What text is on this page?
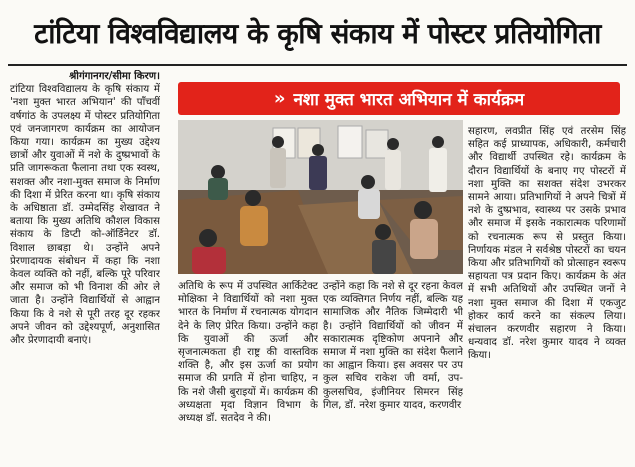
टांटिया विश्वविद्यालय के कृषि संकाय में पोस्टर प्रतियोगिता

श्रीगंगानगर/सीमा किरण।

टांटिया विश्वविद्यालय के कृषि संकाय में 'नशा मुक्त भारत अभियान' की पाँचवीं वर्षगांठ के उपलक्ष्य में पोस्टर प्रतियोगिता एवं जनजागरण कार्यक्रम का आयोजन किया गया। कार्यक्रम का मुख्य उद्देश्य छात्रों और युवाओं में नशे के दुष्प्रभावों के प्रति जागरूकता फैलाना तथा एक स्वस्थ, सशक्त और नशा-मुक्त समाज के निर्माण की दिशा में प्रेरित करना था। कृषि संकाय के अधिष्ठाता डॉ. उम्मेदसिंह शेखावत ने बताया कि मुख्य अतिथि कौशल विकास संकाय के डिप्टी को-ऑर्डिनेटर डॉ. विशाल छाबड़ा थे। उन्होंने अपने प्रेरणादायक संबोधन में कहा कि नशा केवल व्यक्ति को नहीं, बल्कि पूरे परिवार और समाज को भी विनाश की ओर ले जाता है। उन्होंने विद्यार्थियों से आह्वान किया कि वे नशे से पूरी तरह दूर रहकर अपने जीवन को उद्देश्यपूर्ण, अनुशासित और प्रेरणादायी बनाएं।

» नशा मुक्त भारत अभियान में कार्यक्रम

अतिथि के रूप में उपस्थित आर्किटेक्ट मोक्षिका ने विद्यार्थियों को नशा मुक्त भारत के निर्माण में रचनात्मक योगदान देने के लिए प्रेरित किया। उन्होंने कहा कि युवाओं की ऊर्जा और सृजनात्मकता ही राष्ट्र की वास्तविक शक्ति है, और इस ऊर्जा का प्रयोग समाज की प्रगति में होना चाहिए, न कि नशे जैसी बुराइयों में। कार्यक्रम की अध्यक्षता मृदा विज्ञान विभाग के अध्यक्ष डॉ. सतदेव ने की।

उन्होंने कहा कि नशे से दूर रहना केवल एक व्यक्तिगत निर्णय नहीं, बल्कि यह सामाजिक और नैतिक जिम्मेदारी भी है। उन्होंने विद्यार्थियों को जीवन में सकारात्मक दृष्टिकोण अपनाने और समाज में नशा मुक्ति का संदेश फैलाने का आह्वान किया। इस अवसर पर उप कुल सचिव राकेश जी वर्मा, उप-कुलसचिव, इंजीनियर सिमरन सिंह गिल, डॉ. नरेश कुमार यादव, करणवीर

सहारण, लवप्रीत सिंह एवं तरसेम सिंह सहित कई प्राध्यापक, अधिकारी, कर्मचारी और विद्यार्थी उपस्थित रहे। कार्यक्रम के दौरान विद्यार्थियों के बनाए गए पोस्टरों में नशा मुक्ति का सशक्त संदेश उभरकर सामने आया। प्रतिभागियों ने अपने चित्रों में नशे के दुष्प्रभाव, स्वास्थ्य पर उसके प्रभाव और समाज में इसके नकारात्मक परिणामों को रचनात्मक रूप से प्रस्तुत किया। निर्णायक मंडल ने सर्वश्रेष्ठ पोस्टरों का चयन किया और प्रतिभागियों को प्रोत्साहन स्वरूप सहायता पत्र प्रदान किए। कार्यक्रम के अंत में सभी अतिथियों और उपस्थित जनों ने नशा मुक्त समाज की दिशा में एकजुट होकर कार्य करने का संकल्प लिया। संचालन करणवीर सहारण ने किया। धन्यवाद डॉ. नरेश कुमार यादव ने व्यक्त किया।
